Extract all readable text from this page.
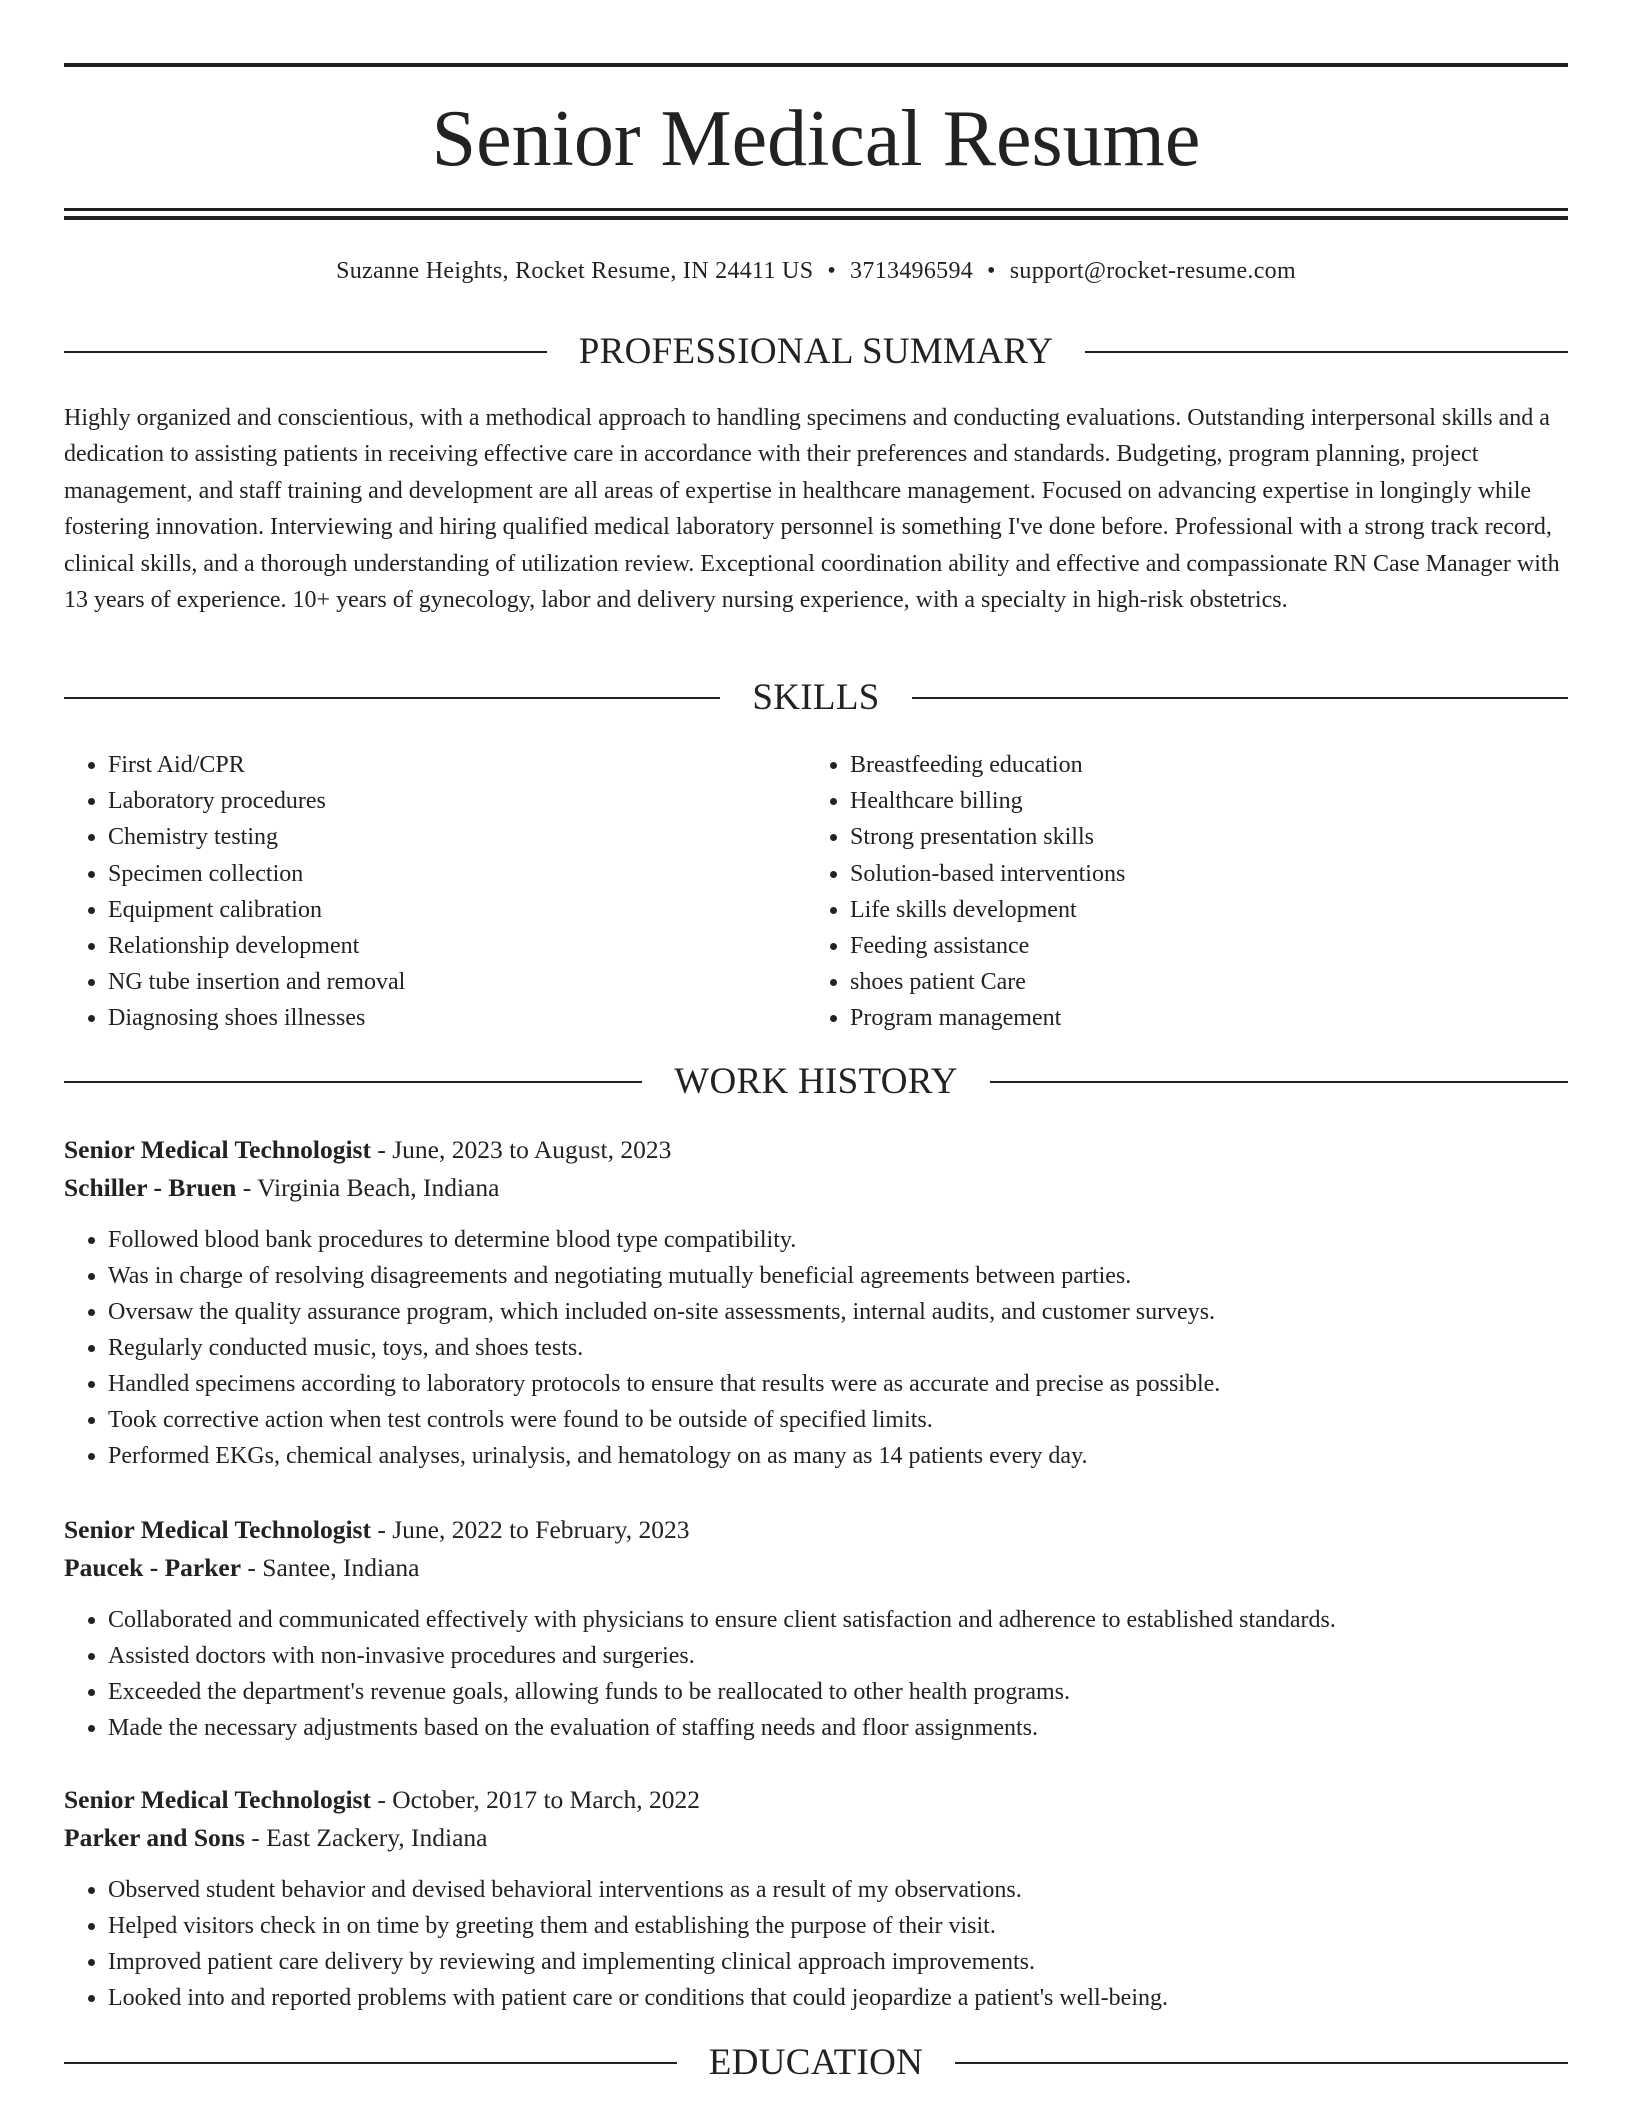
Senior Medical Resume
Suzanne Heights, Rocket Resume, IN 24411 US • 3713496594 • support@rocket-resume.com
PROFESSIONAL SUMMARY

Highly organized and conscientious, with a methodical approach to handling specimens and conducting evaluations. Outstanding interpersonal skills and a dedication to assisting patients in receiving effective care in accordance with their preferences and standards. Budgeting, program planning, project management, and staff training and development are all areas of expertise in healthcare management. Focused on advancing expertise in longingly while fostering innovation. Interviewing and hiring qualified medical laboratory personnel is something I've done before. Professional with a strong track record, clinical skills, and a thorough understanding of utilization review. Exceptional coordination ability and effective and compassionate RN Case Manager with 13 years of experience. 10+ years of gynecology, labor and delivery nursing experience, with a specialty in high-risk obstetrics.

SKILLS
• First Aid/CPR
• Laboratory procedures
• Chemistry testing
• Specimen collection
• Equipment calibration
• Relationship development
• NG tube insertion and removal
• Diagnosing shoes illnesses
• Breastfeeding education
• Healthcare billing
• Strong presentation skills
• Solution-based interventions
• Life skills development
• Feeding assistance
• shoes patient Care
• Program management
WORK HISTORY
Senior Medical Technologist - June, 2023 to August, 2023
Schiller - Bruen - Virginia Beach, Indiana
• Followed blood bank procedures to determine blood type compatibility.
• Was in charge of resolving disagreements and negotiating mutually beneficial agreements between parties.
• Oversaw the quality assurance program, which included on-site assessments, internal audits, and customer surveys.
• Regularly conducted music, toys, and shoes tests.
• Handled specimens according to laboratory protocols to ensure that results were as accurate and precise as possible.
• Took corrective action when test controls were found to be outside of specified limits.
• Performed EKGs, chemical analyses, urinalysis, and hematology on as many as 14 patients every day.
Senior Medical Technologist - June, 2022 to February, 2023
Paucek - Parker - Santee, Indiana
• Collaborated and communicated effectively with physicians to ensure client satisfaction and adherence to established standards.
• Assisted doctors with non-invasive procedures and surgeries.
• Exceeded the department's revenue goals, allowing funds to be reallocated to other health programs.
• Made the necessary adjustments based on the evaluation of staffing needs and floor assignments.
Senior Medical Technologist - October, 2017 to March, 2022
Parker and Sons - East Zackery, Indiana
• Observed student behavior and devised behavioral interventions as a result of my observations.
• Helped visitors check in on time by greeting them and establishing the purpose of their visit.
• Improved patient care delivery by reviewing and implementing clinical approach improvements.
• Looked into and reported problems with patient care or conditions that could jeopardize a patient's well-being.
EDUCATION
